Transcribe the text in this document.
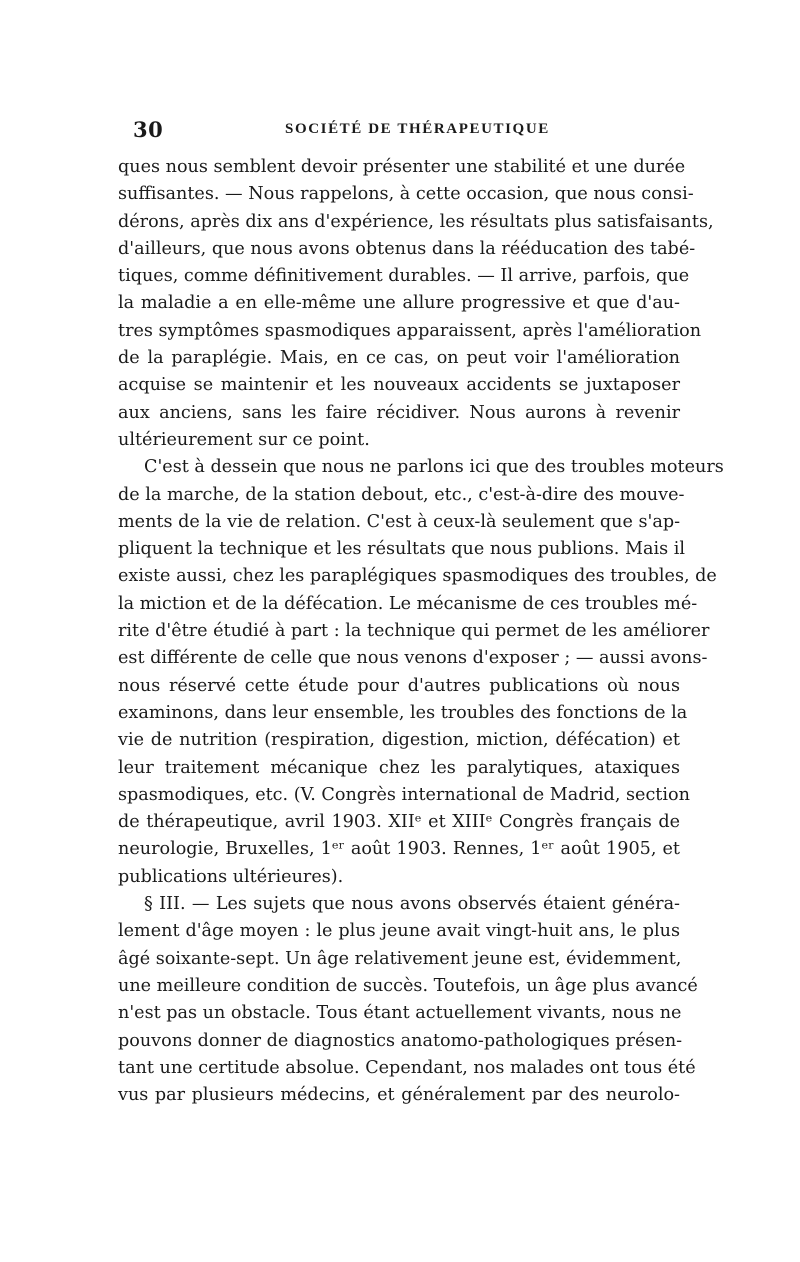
30	SOCIÉTÉ DE THÉRAPEUTIQUE
ques nous semblent devoir présenter une stabilité et une durée
suffisantes. — Nous rappelons, à cette occasion, que nous consi-
dérons, après dix ans d'expérience, les résultats plus satisfaisants,
d'ailleurs, que nous avons obtenus dans la rééducation des tabé-
tiques, comme définitivement durables. — Il arrive, parfois, que
la maladie a en elle-même une allure progressive et que d'au-
tres symptômes spasmodiques apparaissent, après l'amélioration
de la paraplégie. Mais, en ce cas, on peut voir l'amélioration
acquise se maintenir et les nouveaux accidents se juxtaposer
aux anciens, sans les faire récidiver. Nous aurons à revenir
ultérieurement sur ce point.
C'est à dessein que nous ne parlons ici que des troubles moteurs
de la marche, de la station debout, etc., c'est-à-dire des mouve-
ments de la vie de relation. C'est à ceux-là seulement que s'ap-
pliquent la technique et les résultats que nous publions. Mais il
existe aussi, chez les paraplégiques spasmodiques des troubles, de
la miction et de la défécation. Le mécanisme de ces troubles mé-
rite d'être étudié à part : la technique qui permet de les améliorer
est différente de celle que nous venons d'exposer ; — aussi avons-
nous réservé cette étude pour d'autres publications où nous
examinons, dans leur ensemble, les troubles des fonctions de la
vie de nutrition (respiration, digestion, miction, défécation) et
leur traitement mécanique chez les paralytiques, ataxiques
spasmodiques, etc. (V. Congrès international de Madrid, section
de thérapeutique, avril 1903. XIIᵉ et XIIIᵉ Congrès français de
neurologie, Bruxelles, 1ᵉʳ août 1903. Rennes, 1ᵉʳ août 1905, et
publications ultérieures).
§ III. — Les sujets que nous avons observés étaient généra-
lement d'âge moyen : le plus jeune avait vingt-huit ans, le plus
âgé soixante-sept. Un âge relativement jeune est, évidemment,
une meilleure condition de succès. Toutefois, un âge plus avancé
n'est pas un obstacle. Tous étant actuellement vivants, nous ne
pouvons donner de diagnostics anatomo-pathologiques présen-
tant une certitude absolue. Cependant, nos malades ont tous été
vus par plusieurs médecins, et généralement par des neurolo-
